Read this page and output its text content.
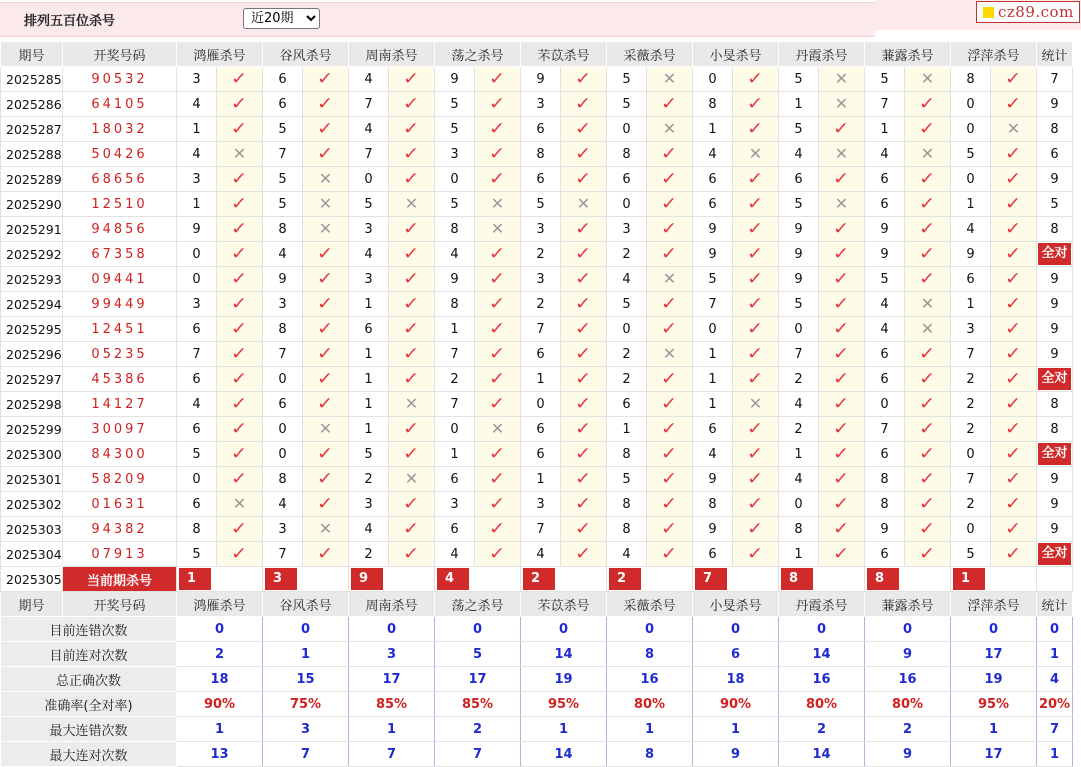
排列五百位杀号
近20期
cz89.com
期号	开奖号码	鸿雁杀号		谷风杀号		周南杀号		荡之杀号		芣苡杀号		采薇杀号		小旻杀号		丹霞杀号		蒹露杀号		浮萍杀号		统计
2025285	90532	3	✓	6	✓	4	✓	9	✓	9	✓	5	✕	0	✓	5	✕	5	✕	8	✓	7
2025286	64105	4	✓	6	✓	7	✓	5	✓	3	✓	5	✓	8	✓	1	✕	7	✓	0	✓	9
2025287	18032	1	✓	5	✓	4	✓	5	✓	6	✓	0	✕	1	✓	5	✓	1	✓	0	✕	8
2025288	50426	4	✕	7	✓	7	✓	3	✓	8	✓	8	✓	4	✕	4	✕	4	✕	5	✓	6
2025289	68656	3	✓	5	✕	0	✓	0	✓	6	✓	6	✓	6	✓	6	✓	6	✓	0	✓	9
2025290	12510	1	✓	5	✕	5	✕	5	✕	5	✕	0	✓	6	✓	5	✕	6	✓	1	✓	5
2025291	94856	9	✓	8	✕	3	✓	8	✕	3	✓	3	✓	9	✓	9	✓	9	✓	4	✓	8
2025292	67358	0	✓	4	✓	4	✓	4	✓	2	✓	2	✓	9	✓	9	✓	9	✓	9	✓	全对
2025293	09441	0	✓	9	✓	3	✓	9	✓	3	✓	4	✕	5	✓	9	✓	5	✓	6	✓	9
2025294	99449	3	✓	3	✓	1	✓	8	✓	2	✓	5	✓	7	✓	5	✓	4	✕	1	✓	9
2025295	12451	6	✓	8	✓	6	✓	1	✓	7	✓	0	✓	0	✓	0	✓	4	✕	3	✓	9
2025296	05235	7	✓	7	✓	1	✓	7	✓	6	✓	2	✕	1	✓	7	✓	6	✓	7	✓	9
2025297	45386	6	✓	0	✓	1	✓	2	✓	1	✓	2	✓	1	✓	2	✓	6	✓	2	✓	全对
2025298	14127	4	✓	6	✓	1	✕	7	✓	0	✓	6	✓	1	✕	4	✓	0	✓	2	✓	8
2025299	30097	6	✓	0	✕	1	✓	0	✕	6	✓	1	✓	6	✓	2	✓	7	✓	2	✓	8
2025300	84300	5	✓	0	✓	5	✓	1	✓	6	✓	8	✓	4	✓	1	✓	6	✓	0	✓	全对
2025301	58209	0	✓	8	✓	2	✕	6	✓	1	✓	5	✓	9	✓	4	✓	8	✓	7	✓	9
2025302	01631	6	✕	4	✓	3	✓	3	✓	3	✓	8	✓	8	✓	0	✓	8	✓	2	✓	9
2025303	94382	8	✓	3	✕	4	✓	6	✓	7	✓	8	✓	9	✓	8	✓	9	✓	0	✓	9
2025304	07913	5	✓	7	✓	2	✓	4	✓	4	✓	4	✓	6	✓	1	✓	6	✓	5	✓	全对
2025305	当前期杀号	1		3		9		4		2		2		7		8		8		1		

期号	开奖号码	鸿雁杀号		谷风杀号		周南杀号		荡之杀号		芣苡杀号		采薇杀号		小旻杀号		丹霞杀号		蒹露杀号		浮萍杀号		统计
目前连错次数		0		0		0		0		0		0		0		0		0		0		0
目前连对次数		2		1		3		5		14		8		6		14		9		17		1
总正确次数		18		15		17		17		19		16		18		16		16		19		4
准确率(全对率)		90%		75%		85%		85%		95%		80%		90%		80%		80%		95%		20%
最大连错次数		1		3		1		2		1		1		1		2		2		1		7
最大连对次数		13		7		7		7		14		8		9		14		9		17		1
